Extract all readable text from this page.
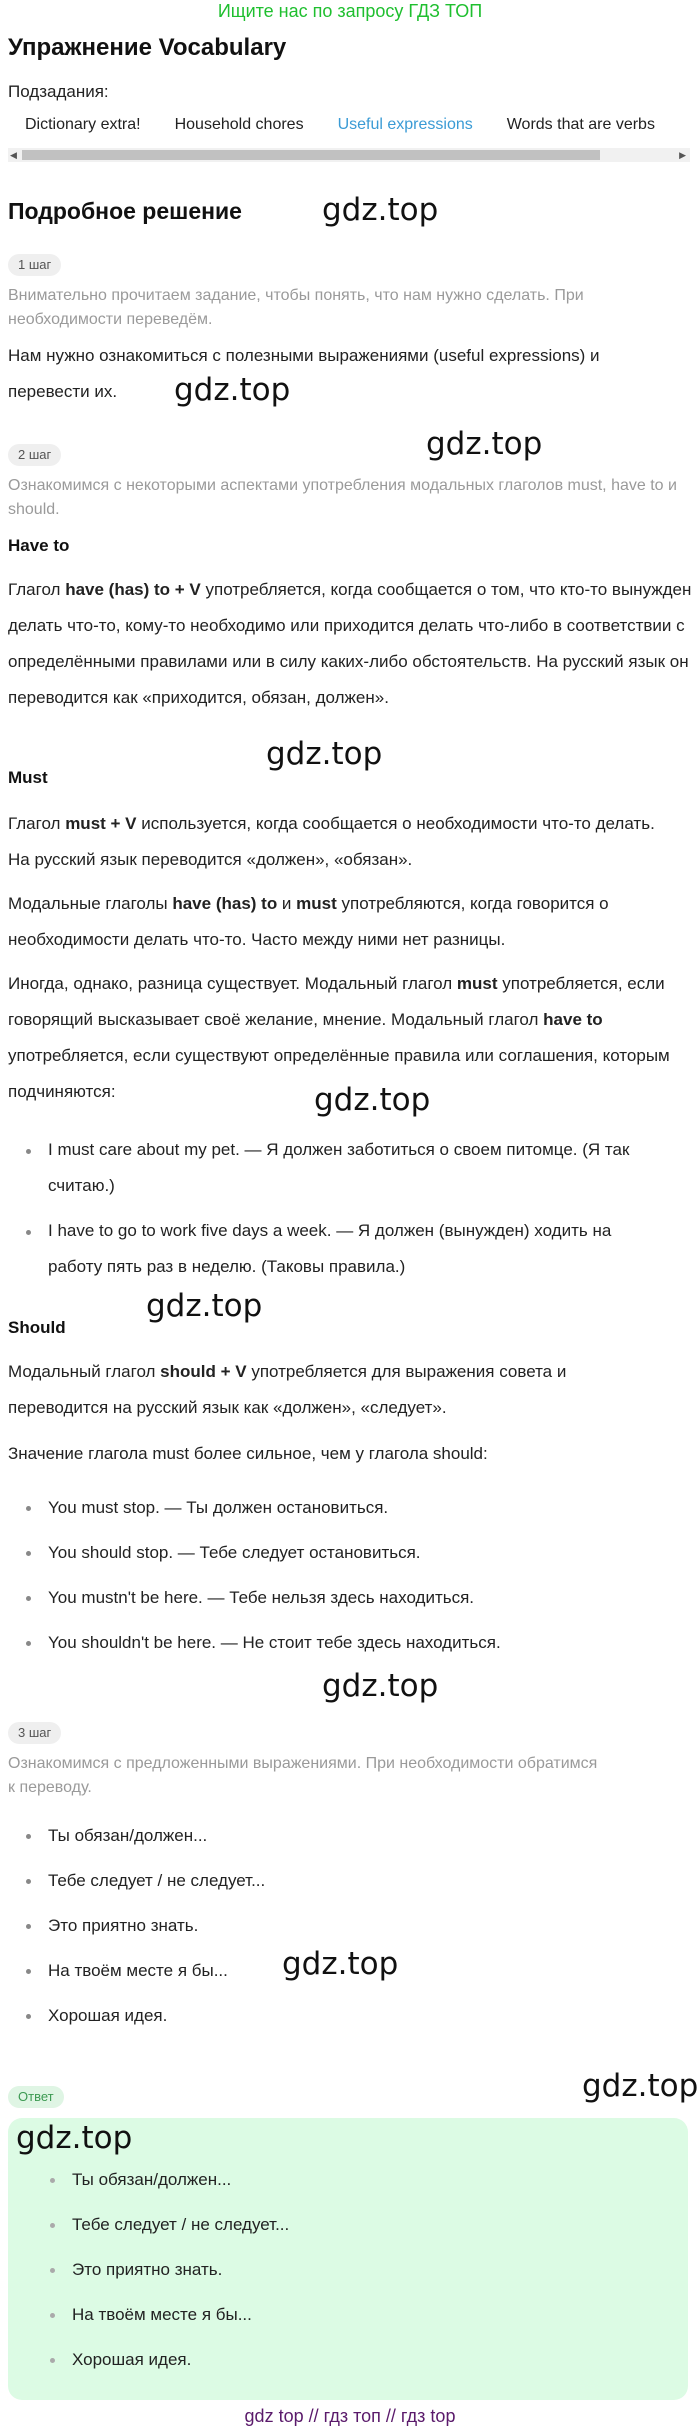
Ищите нас по запросу ГДЗ ТОП
Упражнение Vocabulary
Подзадания:
Dictionary extra!	Household chores	Useful expressions	Words that are verbs
◀	▶
Подробное решение	gdz.top
gdz.top
gdz.top
gdz.top
gdz.top
gdz.top
gdz.top
gdz.top
gdz.top
1 шаг
Внимательно прочитаем задание, чтобы понять, что нам нужно сделать. При необходимости переведём.
Нам нужно ознакомиться с полезными выражениями (useful expressions) и перевести их.
2 шаг
Ознакомимся с некоторыми аспектами употребления модальных глаголов must, have to и should.
Have to
Глагол have (has) to + V употребляется, когда сообщается о том, что кто-то вынужден делать что-то, кому-то необходимо или приходится делать что-либо в соответствии с определёнными правилами или в силу каких-либо обстоятельств. На русский язык он переводится как «приходится, обязан, должен».
Must
Глагол must + V используется, когда сообщается о необходимости что-то делать. На русский язык переводится «должен», «обязан».
Модальные глаголы have (has) to и must употребляются, когда говорится о необходимости делать что-то. Часто между ними нет разницы.
Иногда, однако, разница существует. Модальный глагол must употребляется, если говорящий высказывает своё желание, мнение. Модальный глагол have to употребляется, если существуют определённые правила или соглашения, которым подчиняются:
I must care about my pet. — Я должен заботиться о своем питомце. (Я так считаю.)
I have to go to work five days a week. — Я должен (вынужден) ходить на работу пять раз в неделю. (Таковы правила.)
Should
Модальный глагол should + V употребляется для выражения совета и переводится на русский язык как «должен», «следует».
Значение глагола must более сильное, чем у глагола should:
You must stop. — Ты должен остановиться.
You should stop. — Тебе следует остановиться.
You mustn't be here. — Тебе нельзя здесь находиться.
You shouldn't be here. — Не стоит тебе здесь находиться.
3 шаг
Ознакомимся с предложенными выражениями. При необходимости обратимся к переводу.
Ты обязан/должен...
Тебе следует / не следует...
Это приятно знать.
На твоём месте я бы...
Хорошая идея.
Ответ
gdz.top
Ты обязан/должен...
Тебе следует / не следует...
Это приятно знать.
На твоём месте я бы...
Хорошая идея.
gdz top // гдз топ // гдз top
